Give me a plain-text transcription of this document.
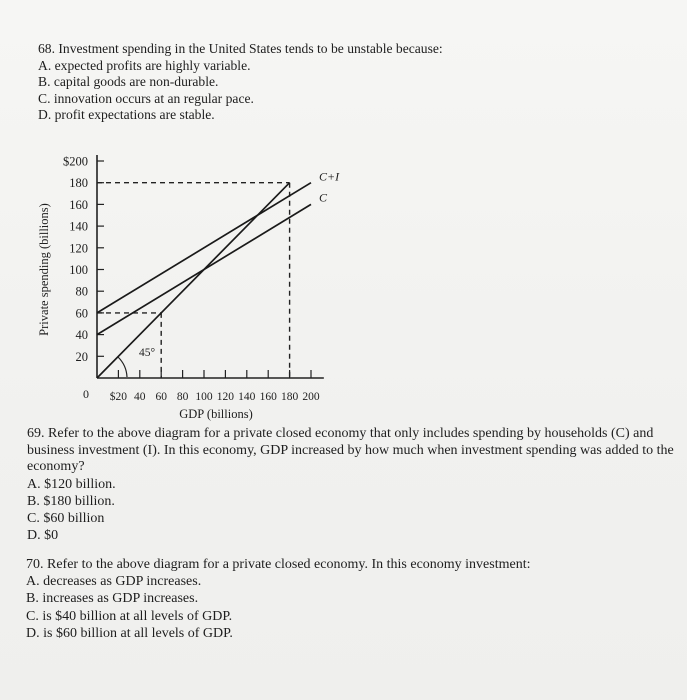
68. Investment spending in the United States tends to be unstable because:
A. expected profits are highly variable.
B. capital goods are non-durable.
C. innovation occurs at an regular pace.
D. profit expectations are stable.
$200
180
160
140
120
100
80
60
40
20
$20 40 60 80 100 120 140 160 180 200
0
Private spending (billions)
GDP (billions)
C
C+I
45°
69. Refer to the above diagram for a private closed economy that only includes spending by households (C) and business investment (I). In this economy, GDP increased by how much when investment spending was added to the economy?
A. $120 billion.
B. $180 billion.
C. $60 billion
D. $0
70. Refer to the above diagram for a private closed economy. In this economy investment:
A. decreases as GDP increases.
B. increases as GDP increases.
C. is $40 billion at all levels of GDP.
D. is $60 billion at all levels of GDP.
